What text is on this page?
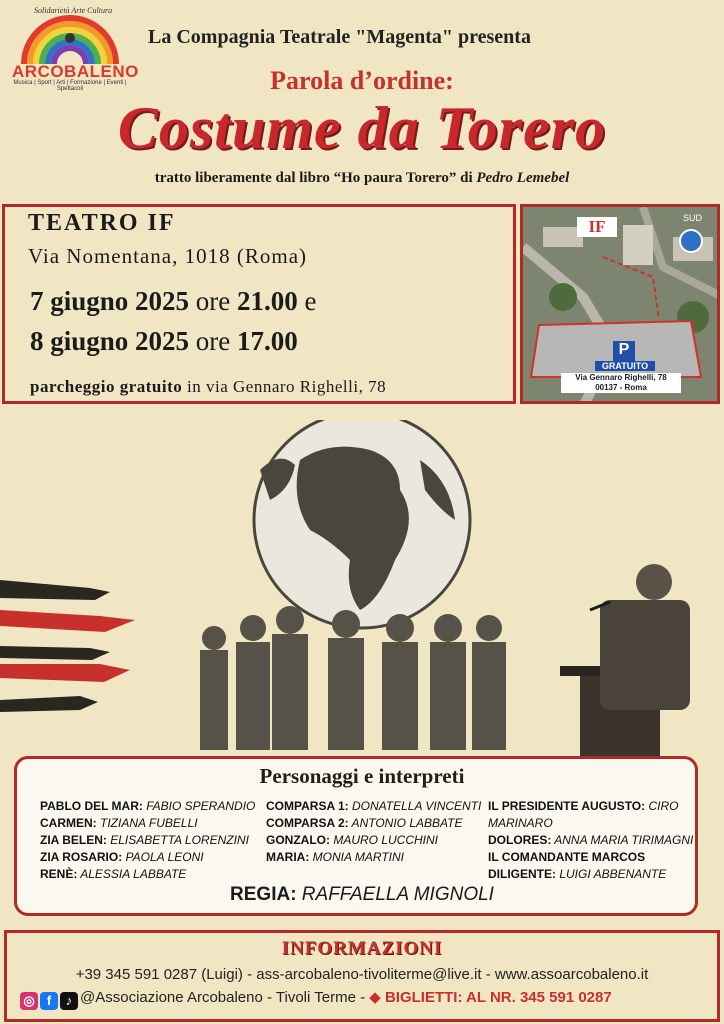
Solidarietà Arte Cultura
ARCOBALENO
Musica | Sport | Arti | Formazione | Eventi | Spettacoli
La Compagnia Teatrale "Magenta" presenta
Parola d’ordine:
Costume da Torero
tratto liberamente dal libro “Ho paura Torero” di Pedro Lemebel
TEATRO IF
Via Nomentana, 1018 (Roma)
7 giugno 2025 ore 21.00 e
8 giugno 2025 ore 17.00
parcheggio gratuito in via Gennaro Righelli, 78
IF	SUD
P
GRATUITO
Via Gennaro Righelli, 78
00137 - Roma
Personaggi e interpreti
PABLO DEL MAR: FABIO SPERANDIO
CARMEN: TIZIANA FUBELLI
ZIA BELEN: ELISABETTA LORENZINI
ZIA ROSARIO: PAOLA LEONI
RENÈ: ALESSIA LABBATE
COMPARSA 1: DONATELLA VINCENTI
COMPARSA 2: ANTONIO LABBATE
GONZALO: MAURO LUCCHINI
MARIA: MONIA MARTINI
IL PRESIDENTE AUGUSTO: CIRO MARINARO
DOLORES: ANNA MARIA TIRIMAGNI
IL COMANDANTE MARCOS
DILIGENTE: LUIGI ABBENANTE
REGIA: RAFFAELLA MIGNOLI
INFORMAZIONI
+39 345 591 0287 (Luigi) - ass-arcobaleno-tivoliterme@live.it - www.assoarcobaleno.it
◎ f ♪ @Associazione Arcobaleno - Tivoli Terme - ◆ BIGLIETTI: AL NR. 345 591 0287
